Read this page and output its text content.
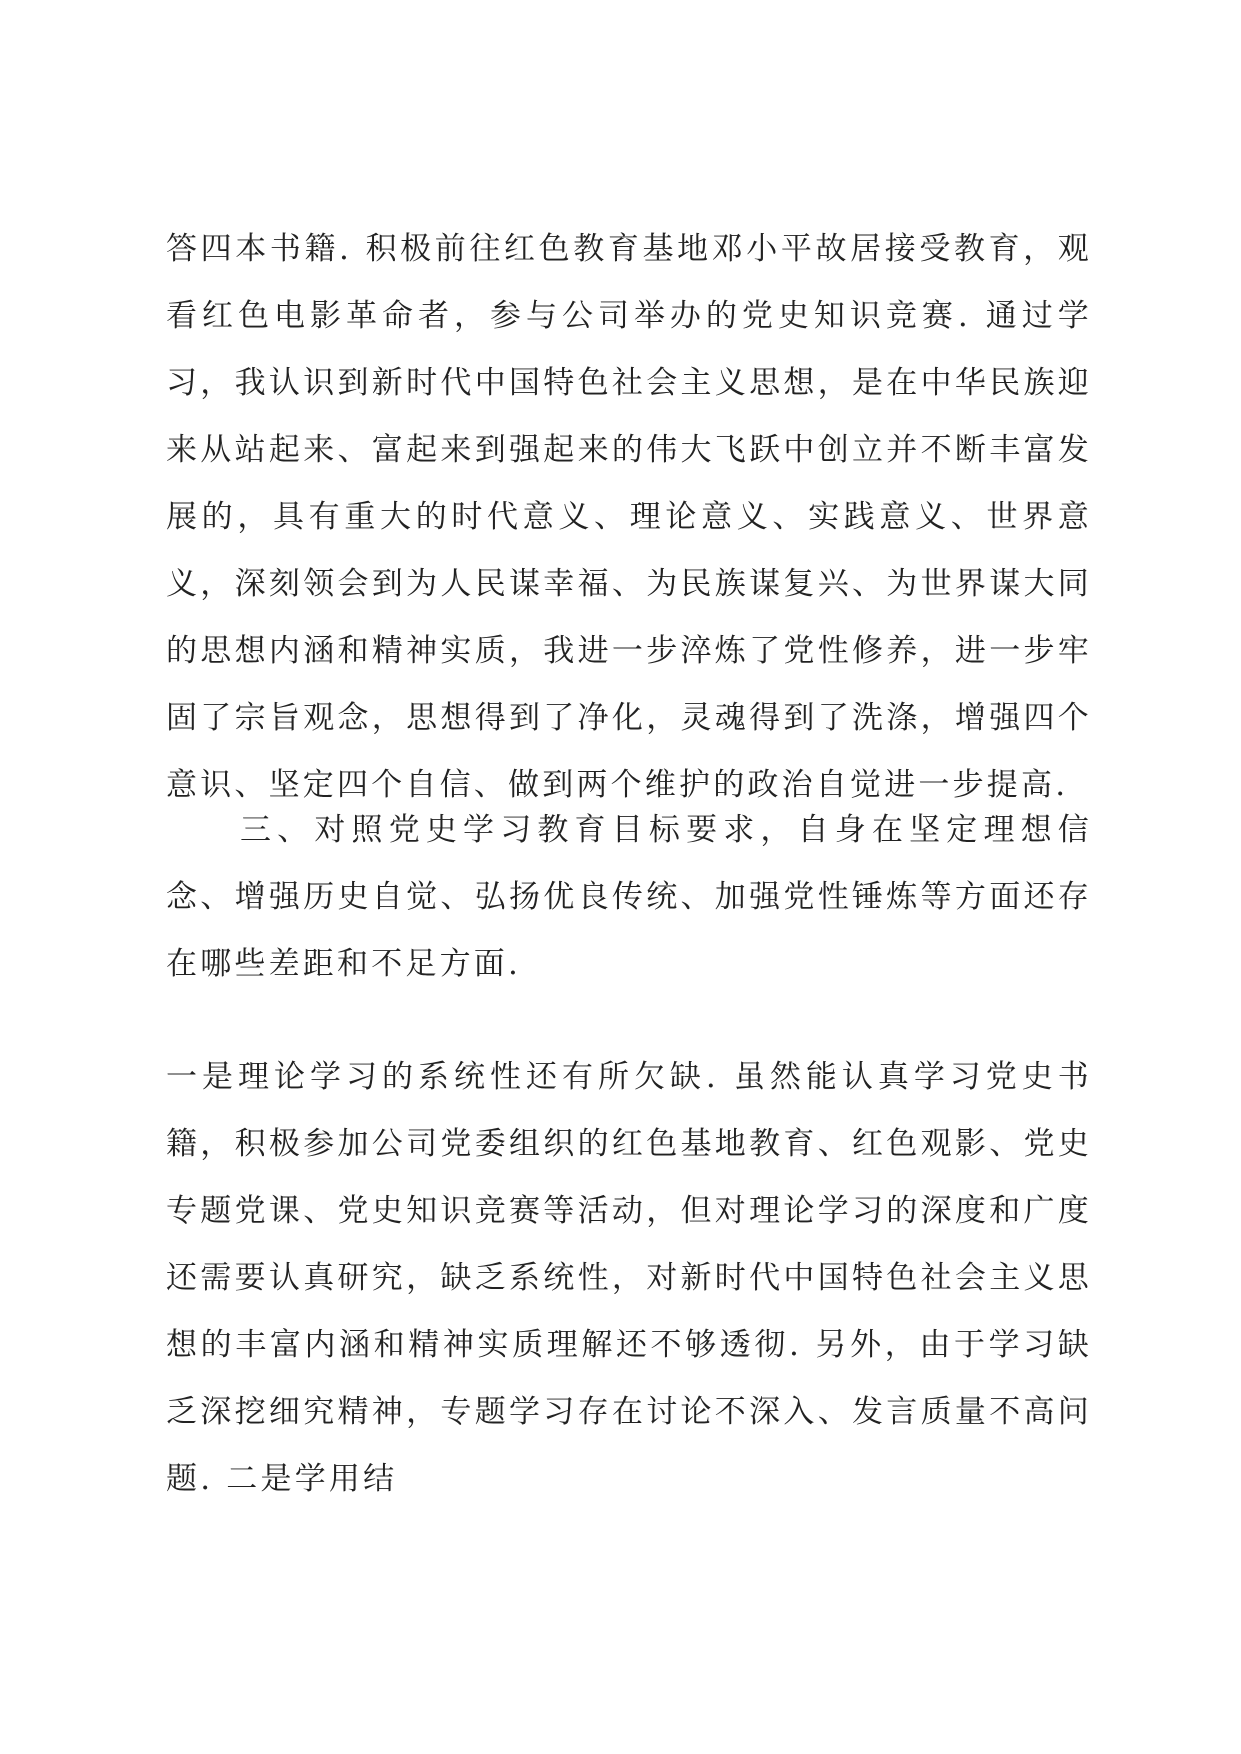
答四本书籍. 积极前往红色教育基地邓小平故居接受教育，观看红色电影革命者，参与公司举办的党史知识竞赛. 通过学习，我认识到新时代中国特色社会主义思想，是在中华民族迎来从站起来、富起来到强起来的伟大飞跃中创立并不断丰富发展的，具有重大的时代意义、理论意义、实践意义、世界意义，深刻领会到为人民谋幸福、为民族谋复兴、为世界谋大同的思想内涵和精神实质，我进一步淬炼了党性修养，进一步牢固了宗旨观念，思想得到了净化，灵魂得到了洗涤，增强四个意识、坚定四个自信、做到两个维护的政治自觉进一步提高.

三、对照党史学习教育目标要求，自身在坚定理想信念、增强历史自觉、弘扬优良传统、加强党性锤炼等方面还存在哪些差距和不足方面.

一是理论学习的系统性还有所欠缺. 虽然能认真学习党史书籍，积极参加公司党委组织的红色基地教育、红色观影、党史专题党课、党史知识竞赛等活动，但对理论学习的深度和广度还需要认真研究，缺乏系统性，对新时代中国特色社会主义思想的丰富内涵和精神实质理解还不够透彻. 另外，由于学习缺乏深挖细究精神，专题学习存在讨论不深入、发言质量不高问题. 二是学用结
